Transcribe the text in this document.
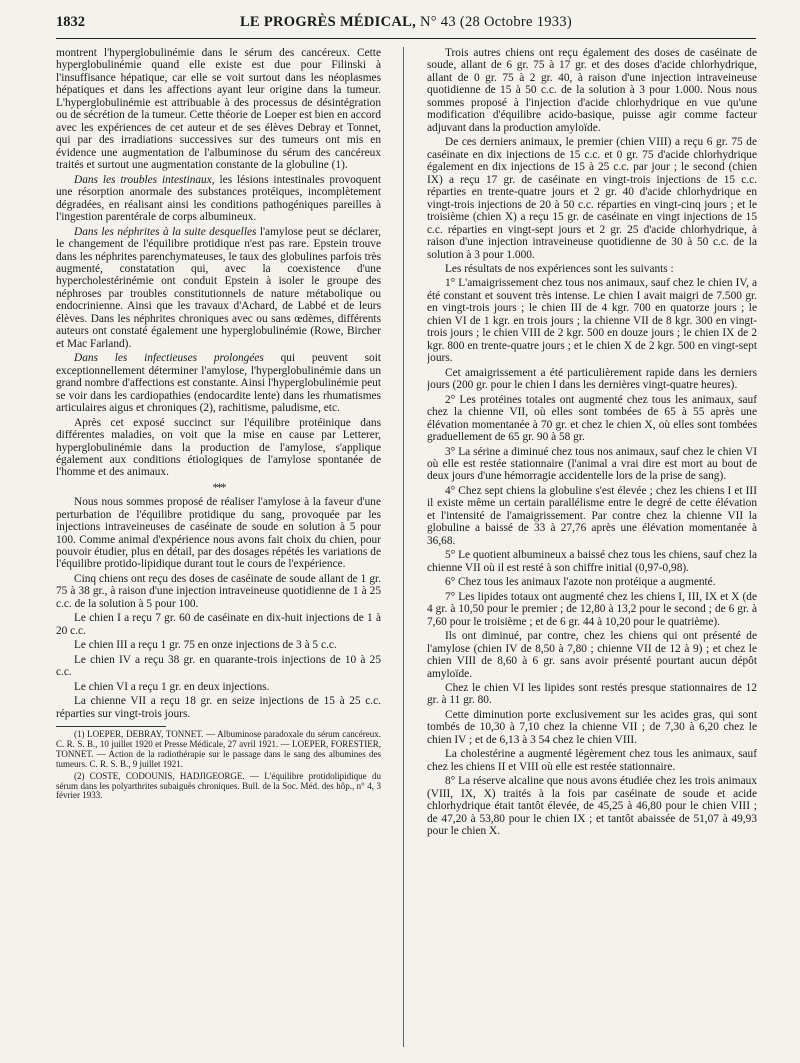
1832	LE PROGRÈS MÉDICAL, N° 43 (28 Octobre 1933)

montrent l'hyperglobulinémie dans le sérum des cancéreux. Cette hyperglobulinémie quand elle existe est due pour Filinski à l'insuffisance hépatique, car elle se voit surtout dans les néoplasmes hépatiques et dans les affections ayant leur origine dans la tumeur. L'hyperglobulinémie est attribuable à des processus de désintégration ou de sécrétion de la tumeur. Cette théorie de Loeper est bien en accord avec les expériences de cet auteur et de ses élèves Debray et Tonnet, qui par des irradiations successives sur des tumeurs ont mis en évidence une augmentation de l'albuminose du sérum des cancéreux traités et surtout une augmentation constante de la globuline (1).

Dans les troubles intestinaux, les lésions intestinales provoquent une résorption anormale des substances protéiques, incomplètement dégradées, en réalisant ainsi les conditions pathogéniques pareilles à l'ingestion parentérale de corps albumineux.

Dans les néphrites à la suite desquelles l'amylose peut se déclarer, le changement de l'équilibre protidique n'est pas rare. Epstein trouve dans les néphrites parenchymateuses, le taux des globulines parfois très augmenté, constatation qui, avec la coexistence d'une hypercholestérinémie ont conduit Epstein à isoler le groupe des néphroses par troubles constitutionnels de nature métabolique ou endocrinienne. Ainsi que les travaux d'Achard, de Labbé et de leurs élèves. Dans les néphrites chroniques avec ou sans œdèmes, différents auteurs ont constaté également une hyperglobulinémie (Rowe, Bircher et Mac Farland).

Dans les infectieuses prolongées qui peuvent soit exceptionnellement déterminer l'amylose, l'hyperglobulinémie dans un grand nombre d'affections est constante. Ainsi l'hyperglobulinémie peut se voir dans les cardiopathies (endocardite lente) dans les rhumatismes articulaires aigus et chroniques (2), rachitisme, paludisme, etc.

Après cet exposé succinct sur l'équilibre protéinique dans différentes maladies, on voit que la mise en cause par Letterer, hyperglobulinémie dans la production de l'amylose, s'applique également aux conditions étiologiques de l'amylose spontanée de l'homme et des animaux.

***

Nous nous sommes proposé de réaliser l'amylose à la faveur d'une perturbation de l'équilibre protidique du sang, provoquée par les injections intraveineuses de caséinate de soude en solution à 5 pour 100. Comme animal d'expérience nous avons fait choix du chien, pour pouvoir étudier, plus en détail, par des dosages répétés les variations de l'équilibre protido-lipidique durant tout le cours de l'expérience.

Cinq chiens ont reçu des doses de caséinate de soude allant de 1 gr. 75 à 38 gr., à raison d'une injection intraveineuse quotidienne de 1 à 25 c.c. de la solution à 5 pour 100.

Le chien I a reçu 7 gr. 60 de caséinate en dix-huit injections de 1 à 20 c.c.

Le chien III a reçu 1 gr. 75 en onze injections de 3 à 5 c.c.

Le chien IV a reçu 38 gr. en quarante-trois injections de 10 à 25 c.c.

Le chien VI a reçu 1 gr. en deux injections.

La chienne VII a reçu 18 gr. en seize injections de 15 à 25 c.c. réparties sur vingt-trois jours.

(1) LOEPER, DEBRAY, TONNET. — Albuminose paradoxale du sérum cancéreux. C. R. S. B., 10 juillet 1920 et Presse Médicale, 27 avril 1921. — LOEPER, FORESTIER, TONNET. — Action de la radiothérapie sur le passage dans le sang des albumines des tumeurs. C. R. S. B., 9 juillet 1921.

(2) COSTE, CODOUNIS, HADJIGEORGE. — L'équilibre protidolipidique du sérum dans les polyarthrites subaiguës chroniques. Bull. de la Soc. Méd. des hôp., n° 4, 3 février 1933.

Trois autres chiens ont reçu également des doses de caséinate de soude, allant de 6 gr. 75 à 17 gr. et des doses d'acide chlorhydrique, allant de 0 gr. 75 à 2 gr. 40, à raison d'une injection intraveineuse quotidienne de 15 à 50 c.c. de la solution à 3 pour 1.000. Nous nous sommes proposé à l'injection d'acide chlorhydrique en vue qu'une modification d'équilibre acido-basique, puisse agir comme facteur adjuvant dans la production amyloïde.

De ces derniers animaux, le premier (chien VIII) a reçu 6 gr. 75 de caséinate en dix injections de 15 c.c. et 0 gr. 75 d'acide chlorhydrique également en dix injections de 15 à 25 c.c. par jour ; le second (chien IX) a reçu 17 gr. de caséinate en vingt-trois injections de 15 c.c. réparties en trente-quatre jours et 2 gr. 40 d'acide chlorhydrique en vingt-trois injections de 20 à 50 c.c. réparties en vingt-cinq jours ; et le troisième (chien X) a reçu 15 gr. de caséinate en vingt injections de 15 c.c. réparties en vingt-sept jours et 2 gr. 25 d'acide chlorhydrique, à raison d'une injection intraveineuse quotidienne de 30 à 50 c.c. de la solution à 3 pour 1.000.

Les résultats de nos expériences sont les suivants :

1° L'amaigrissement chez tous nos animaux, sauf chez le chien IV, a été constant et souvent très intense. Le chien I avait maigri de 7.500 gr. en vingt-trois jours ; le chien III de 4 kgr. 700 en quatorze jours ; le chien VI de 1 kgr. en trois jours ; la chienne VII de 8 kgr. 300 en vingt-trois jours ; le chien VIII de 2 kgr. 500 en douze jours ; le chien IX de 2 kgr. 800 en trente-quatre jours ; et le chien X de 2 kgr. 500 en vingt-sept jours.

Cet amaigrissement a été particulièrement rapide dans les derniers jours (200 gr. pour le chien I dans les dernières vingt-quatre heures).

2° Les protéines totales ont augmenté chez tous les animaux, sauf chez la chienne VII, où elles sont tombées de 65 à 55 après une élévation momentanée à 70 gr. et chez le chien X, où elles sont tombées graduellement de 65 gr. 90 à 58 gr.

3° La sérine a diminué chez tous nos animaux, sauf chez le chien VI où elle est restée stationnaire (l'animal a vrai dire est mort au bout de deux jours d'une hémorragie accidentelle lors de la prise de sang).

4° Chez sept chiens la globuline s'est élevée ; chez les chiens I et III il existe même un certain parallélisme entre le degré de cette élévation et l'intensité de l'amaigrissement. Par contre chez la chienne VII la globuline a baissé de 33 à 27,76 après une élévation momentanée à 36,68.

5° Le quotient albumineux a baissé chez tous les chiens, sauf chez la chienne VII où il est resté à son chiffre initial (0,97-0,98).

6° Chez tous les animaux l'azote non protéique a augmenté.

7° Les lipides totaux ont augmenté chez les chiens I, III, IX et X (de 4 gr. à 10,50 pour le premier ; de 12,80 à 13,2 pour le second ; de 6 gr. à 7,60 pour le troisième ; et de 6 gr. 44 à 10,20 pour le quatrième).

Ils ont diminué, par contre, chez les chiens qui ont présenté de l'amylose (chien IV de 8,50 à 7,80 ; chienne VII de 12 à 9) ; et chez le chien VIII de 8,60 à 6 gr. sans avoir présenté pourtant aucun dépôt amyloïde.

Chez le chien VI les lipides sont restés presque stationnaires de 12 gr. à 11 gr. 80.

Cette diminution porte exclusivement sur les acides gras, qui sont tombés de 10,30 à 7,10 chez la chienne VII ; de 7,30 à 6,20 chez le chien IV ; et de 6,13 à 3 54 chez le chien VIII.

La cholestérine a augmenté légèrement chez tous les animaux, sauf chez les chiens II et VIII où elle est restée stationnaire.

8° La réserve alcaline que nous avons étudiée chez les trois animaux (VIII, IX, X) traités à la fois par caséinate de soude et acide chlorhydrique était tantôt élevée, de 45,25 à 46,80 pour le chien VIII ; de 47,20 à 53,80 pour le chien IX ; et tantôt abaissée de 51,07 à 49,93 pour le chien X.
